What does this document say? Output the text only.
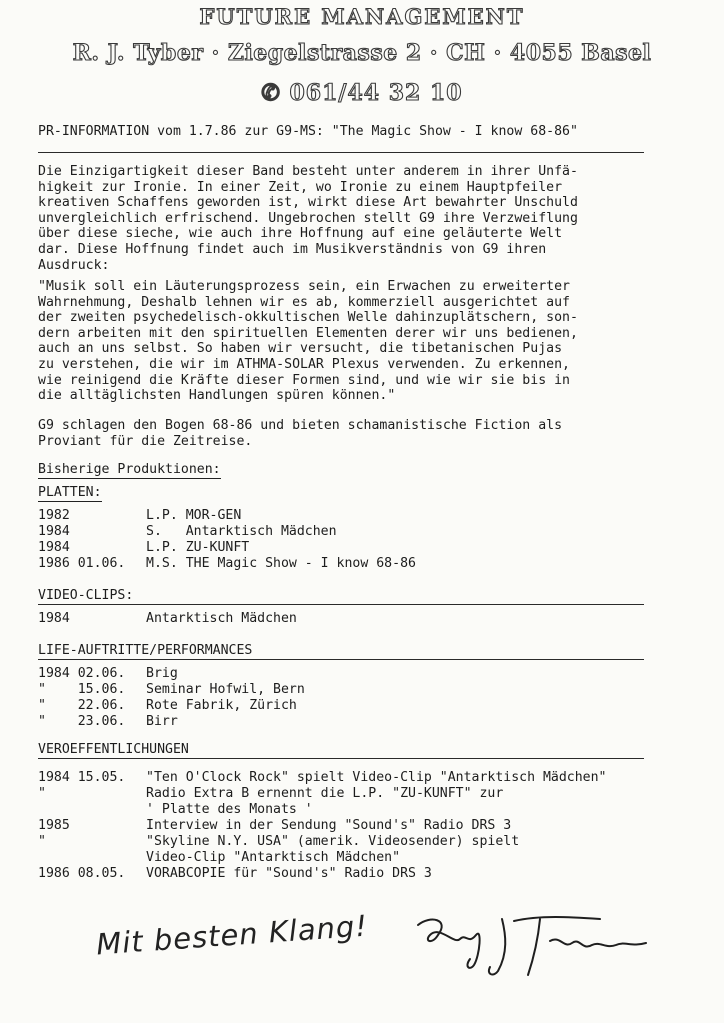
FUTURE MANAGEMENT
R. J. Tyber · Ziegelstrasse 2 · CH · 4055 Basel
✆ 061/44 32 10
PR-INFORMATION vom 1.7.86 zur G9-MS: "The Magic Show - I know 68-86"
Die Einzigartigkeit dieser Band besteht unter anderem in ihrer Unfä-
higkeit zur Ironie. In einer Zeit, wo Ironie zu einem Hauptpfeiler
kreativen Schaffens geworden ist, wirkt diese Art bewahrter Unschuld
unvergleichlich erfrischend. Ungebrochen stellt G9 ihre Verzweiflung
über diese sieche, wie auch ihre Hoffnung auf eine geläuterte Welt
dar. Diese Hoffnung findet auch im Musikverständnis von G9 ihren
Ausdruck:
"Musik soll ein Läuterungsprozess sein, ein Erwachen zu erweiterter
Wahrnehmung, Deshalb lehnen wir es ab, kommerziell ausgerichtet auf
der zweiten psychedelisch-okkultischen Welle dahinzuplätschern, son-
dern arbeiten mit den spirituellen Elementen derer wir uns bedienen,
auch an uns selbst. So haben wir versucht, die tibetanischen Pujas
zu verstehen, die wir im ATHMA-SOLAR Plexus verwenden. Zu erkennen,
wie reinigend die Kräfte dieser Formen sind, und wie wir sie bis in
die alltäglichsten Handlungen spüren können."
G9 schlagen den Bogen 68-86 und bieten schamanistische Fiction als
Proviant für die Zeitreise.
Bisherige Produktionen:
PLATTEN:
1982	L.P. MOR-GEN
1984	S.   Antarktisch Mädchen
1984	L.P. ZU-KUNFT
1986 01.06. M.S. THE Magic Show - I know 68-86
VIDEO-CLIPS:
1984	Antarktisch Mädchen
LIFE-AUFTRITTE/PERFORMANCES
1984 02.06. Brig
"    15.06. Seminar Hofwil, Bern
"    22.06. Rote Fabrik, Zürich
"    23.06. Birr
VEROEFFENTLICHUNGEN
1984 15.05. "Ten O'Clock Rock" spielt Video-Clip "Antarktisch Mädchen"
"	Radio Extra B ernennt die L.P. "ZU-KUNFT" zur
' Platte des Monats '
1985	Interview in der Sendung "Sound's" Radio DRS 3
"	"Skyline N.Y. USA" (amerik. Videosender) spielt
Video-Clip "Antarktisch Mädchen"
1986 08.05. VORABCOPIE für "Sound's" Radio DRS 3
Mit besten Klang!
